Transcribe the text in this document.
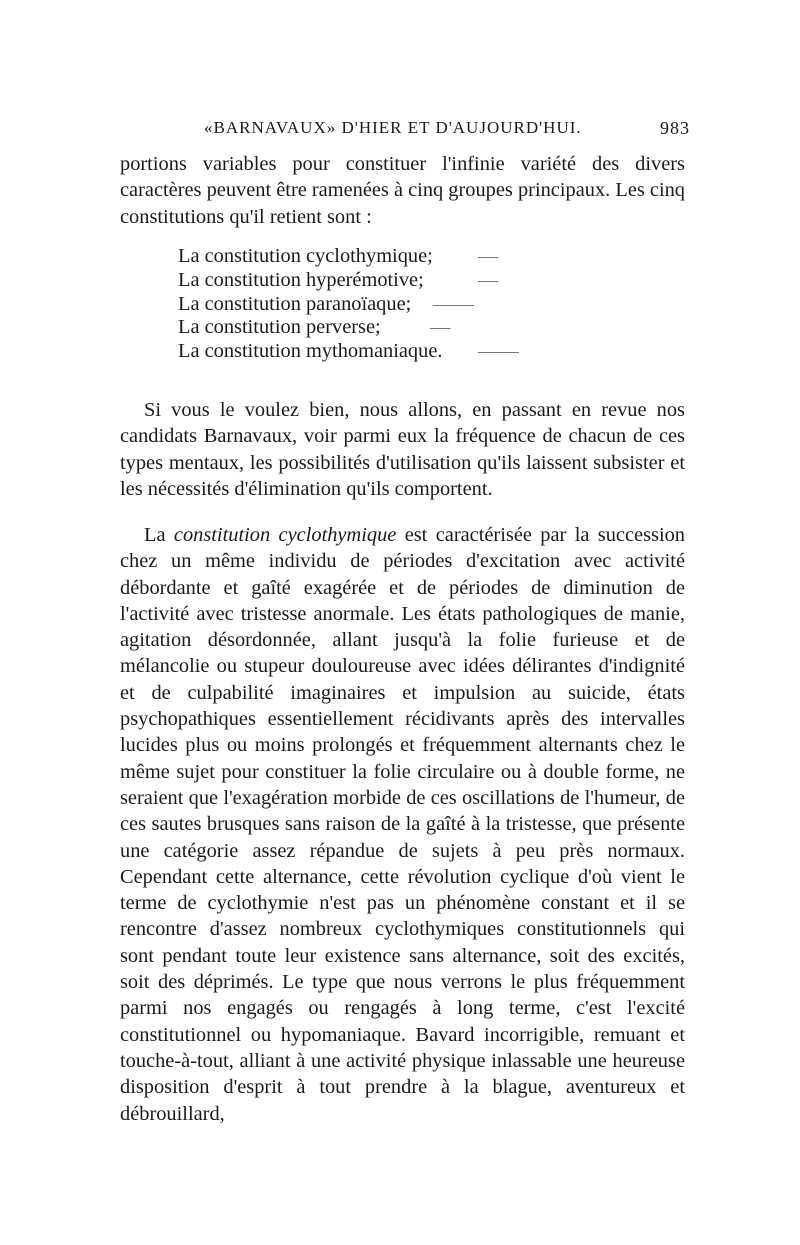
«BARNAVAUX» D'HIER ET D'AUJOURD'HUI.	983

portions variables pour constituer l'infinie variété des divers caractères peuvent être ramenées à cinq groupes principaux. Les cinq constitutions qu'il retient sont :

La constitution cyclothymique; —
La constitution hyperémotive;	—
La constitution paranoïaque; ——
La constitution perverse; —
La constitution mythomaniaque. ——

Si vous le voulez bien, nous allons, en passant en revue nos candidats Barnavaux, voir parmi eux la fréquence de chacun de ces types mentaux, les possibilités d'utilisation qu'ils laissent subsister et les nécessités d'élimination qu'ils comportent.

La constitution cyclothymique est caractérisée par la succession chez un même individu de périodes d'excitation avec activité débordante et gaîté exagérée et de périodes de diminution de l'activité avec tristesse anormale. Les états pathologiques de manie, agitation désordonnée, allant jusqu'à la folie furieuse et de mélancolie ou stupeur douloureuse avec idées délirantes d'indignité et de culpabilité imaginaires et impulsion au suicide, états psychopathiques essentiellement récidivants après des intervalles lucides plus ou moins prolongés et fréquemment alternants chez le même sujet pour constituer la folie circulaire ou à double forme, ne seraient que l'exagération morbide de ces oscillations de l'humeur, de ces sautes brusques sans raison de la gaîté à la tristesse, que présente une catégorie assez répandue de sujets à peu près normaux. Cependant cette alternance, cette révolution cyclique d'où vient le terme de cyclothymie n'est pas un phénomène constant et il se rencontre d'assez nombreux cyclothymiques constitutionnels qui sont pendant toute leur existence sans alternance, soit des excités, soit des déprimés. Le type que nous verrons le plus fréquemment parmi nos engagés ou rengagés à long terme, c'est l'excité constitutionnel ou hypomaniaque. Bavard incorrigible, remuant et touche-à-tout, alliant à une activité physique inlassable une heureuse disposition d'esprit à tout prendre à la blague, aventureux et débrouillard,
